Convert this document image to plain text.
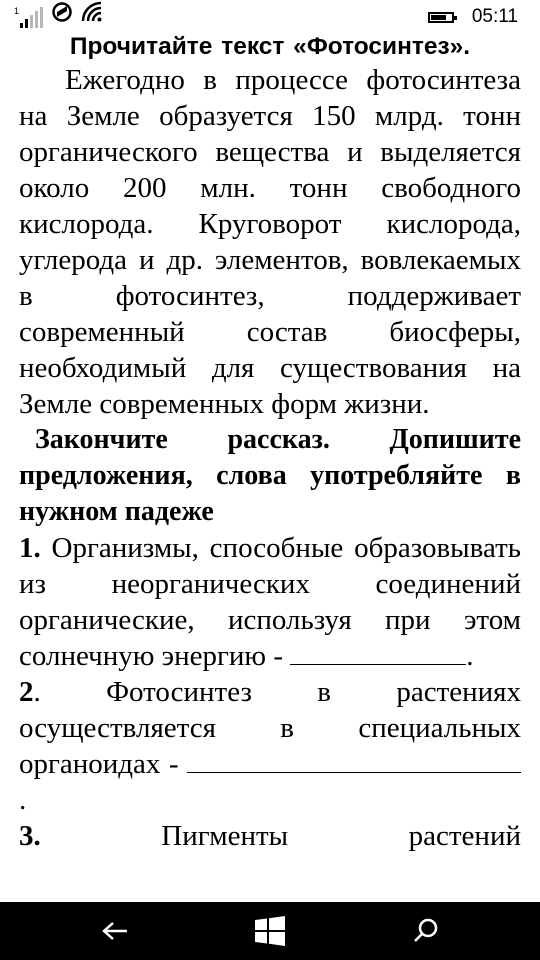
1	05:11

Прочитайте текст «Фотосинтез».

Ежегодно в процессе фотосинтеза на Земле образуется 150 млрд. тонн органического вещества и выделяется около 200 млн. тонн свободного кислорода. Круговорот кислорода, углерода и др. элементов, вовлекаемых в фотосинтез, поддерживает современный состав биосферы, необходимый для существования на Земле современных форм жизни.

Закончите рассказ. Допишите предложения, слова употребляйте в нужном падеже

1. Организмы, способные образовывать из неорганических соединений органические, используя при этом солнечную энергию -	.

2. Фотосинтез в растениях осуществляется в специальных органоидах - .

3. Пигменты растений
